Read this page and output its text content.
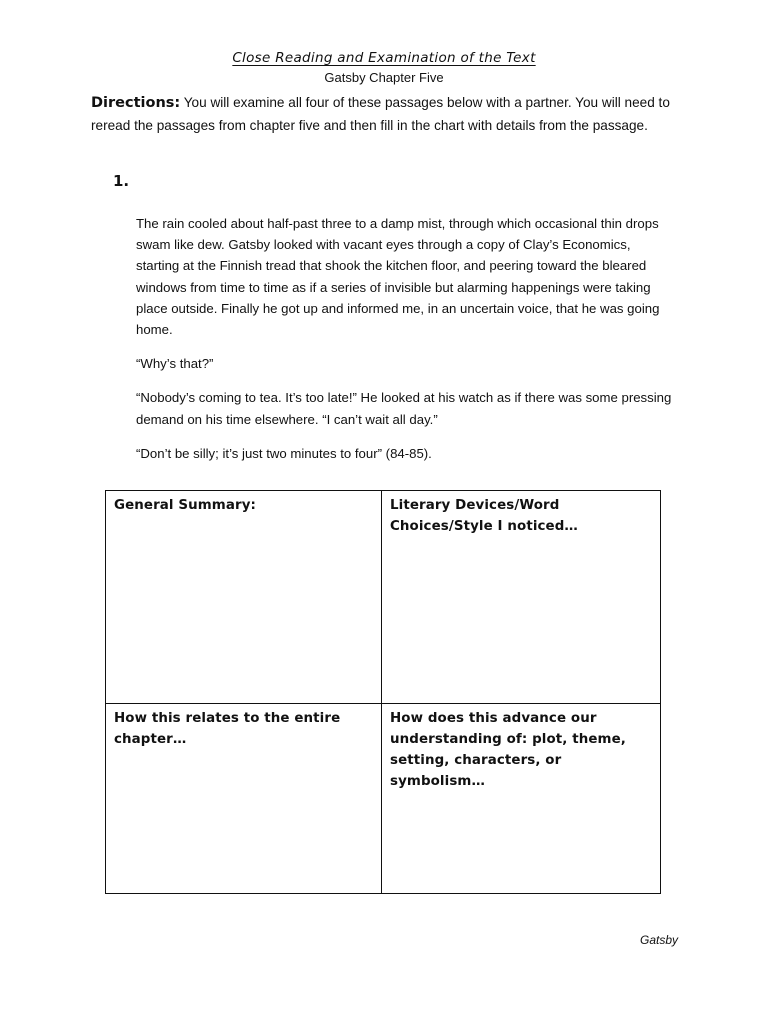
Close Reading and Examination of the Text
Gatsby Chapter Five
Directions: You will examine all four of these passages below with a partner. You will need to reread the passages from chapter five and then fill in the chart with details from the passage.
1.

The rain cooled about half-past three to a damp mist, through which occasional thin drops swam like dew. Gatsby looked with vacant eyes through a copy of Clay’s Economics, starting at the Finnish tread that shook the kitchen floor, and peering toward the bleared windows from time to time as if a series of invisible but alarming happenings were taking place outside. Finally he got up and informed me, in an uncertain voice, that he was going home.

“Why’s that?”

“Nobody’s coming to tea. It’s too late!” He looked at his watch as if there was some pressing demand on his time elsewhere. “I can’t wait all day.”

“Don’t be silly; it’s just two minutes to four” (84-85).

General Summary:	Literary Devices/Word Choices/Style I noticed…
How this relates to the entire chapter…
How does this advance our understanding of: plot, theme, setting, characters, or symbolism…
Gatsby
